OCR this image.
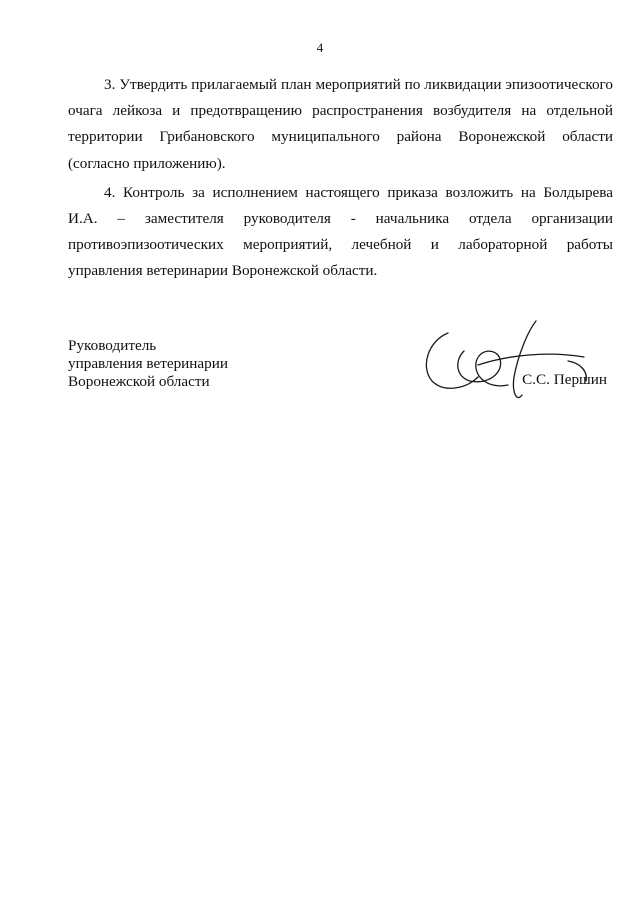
4

3. Утвердить прилагаемый план мероприятий по ликвидации эпизоотического очага лейкоза и предотвращению распространения возбудителя на отдельной территории Грибановского муниципального района Воронежской области (согласно приложению).

4. Контроль за исполнением настоящего приказа возложить на Болдырева И.А. – заместителя руководителя - начальника отдела организации противоэпизоотических мероприятий, лечебной и лабораторной работы управления ветеринарии Воронежской области.

Руководитель
управления ветеринарии
Воронежской области	С.С. Першин
